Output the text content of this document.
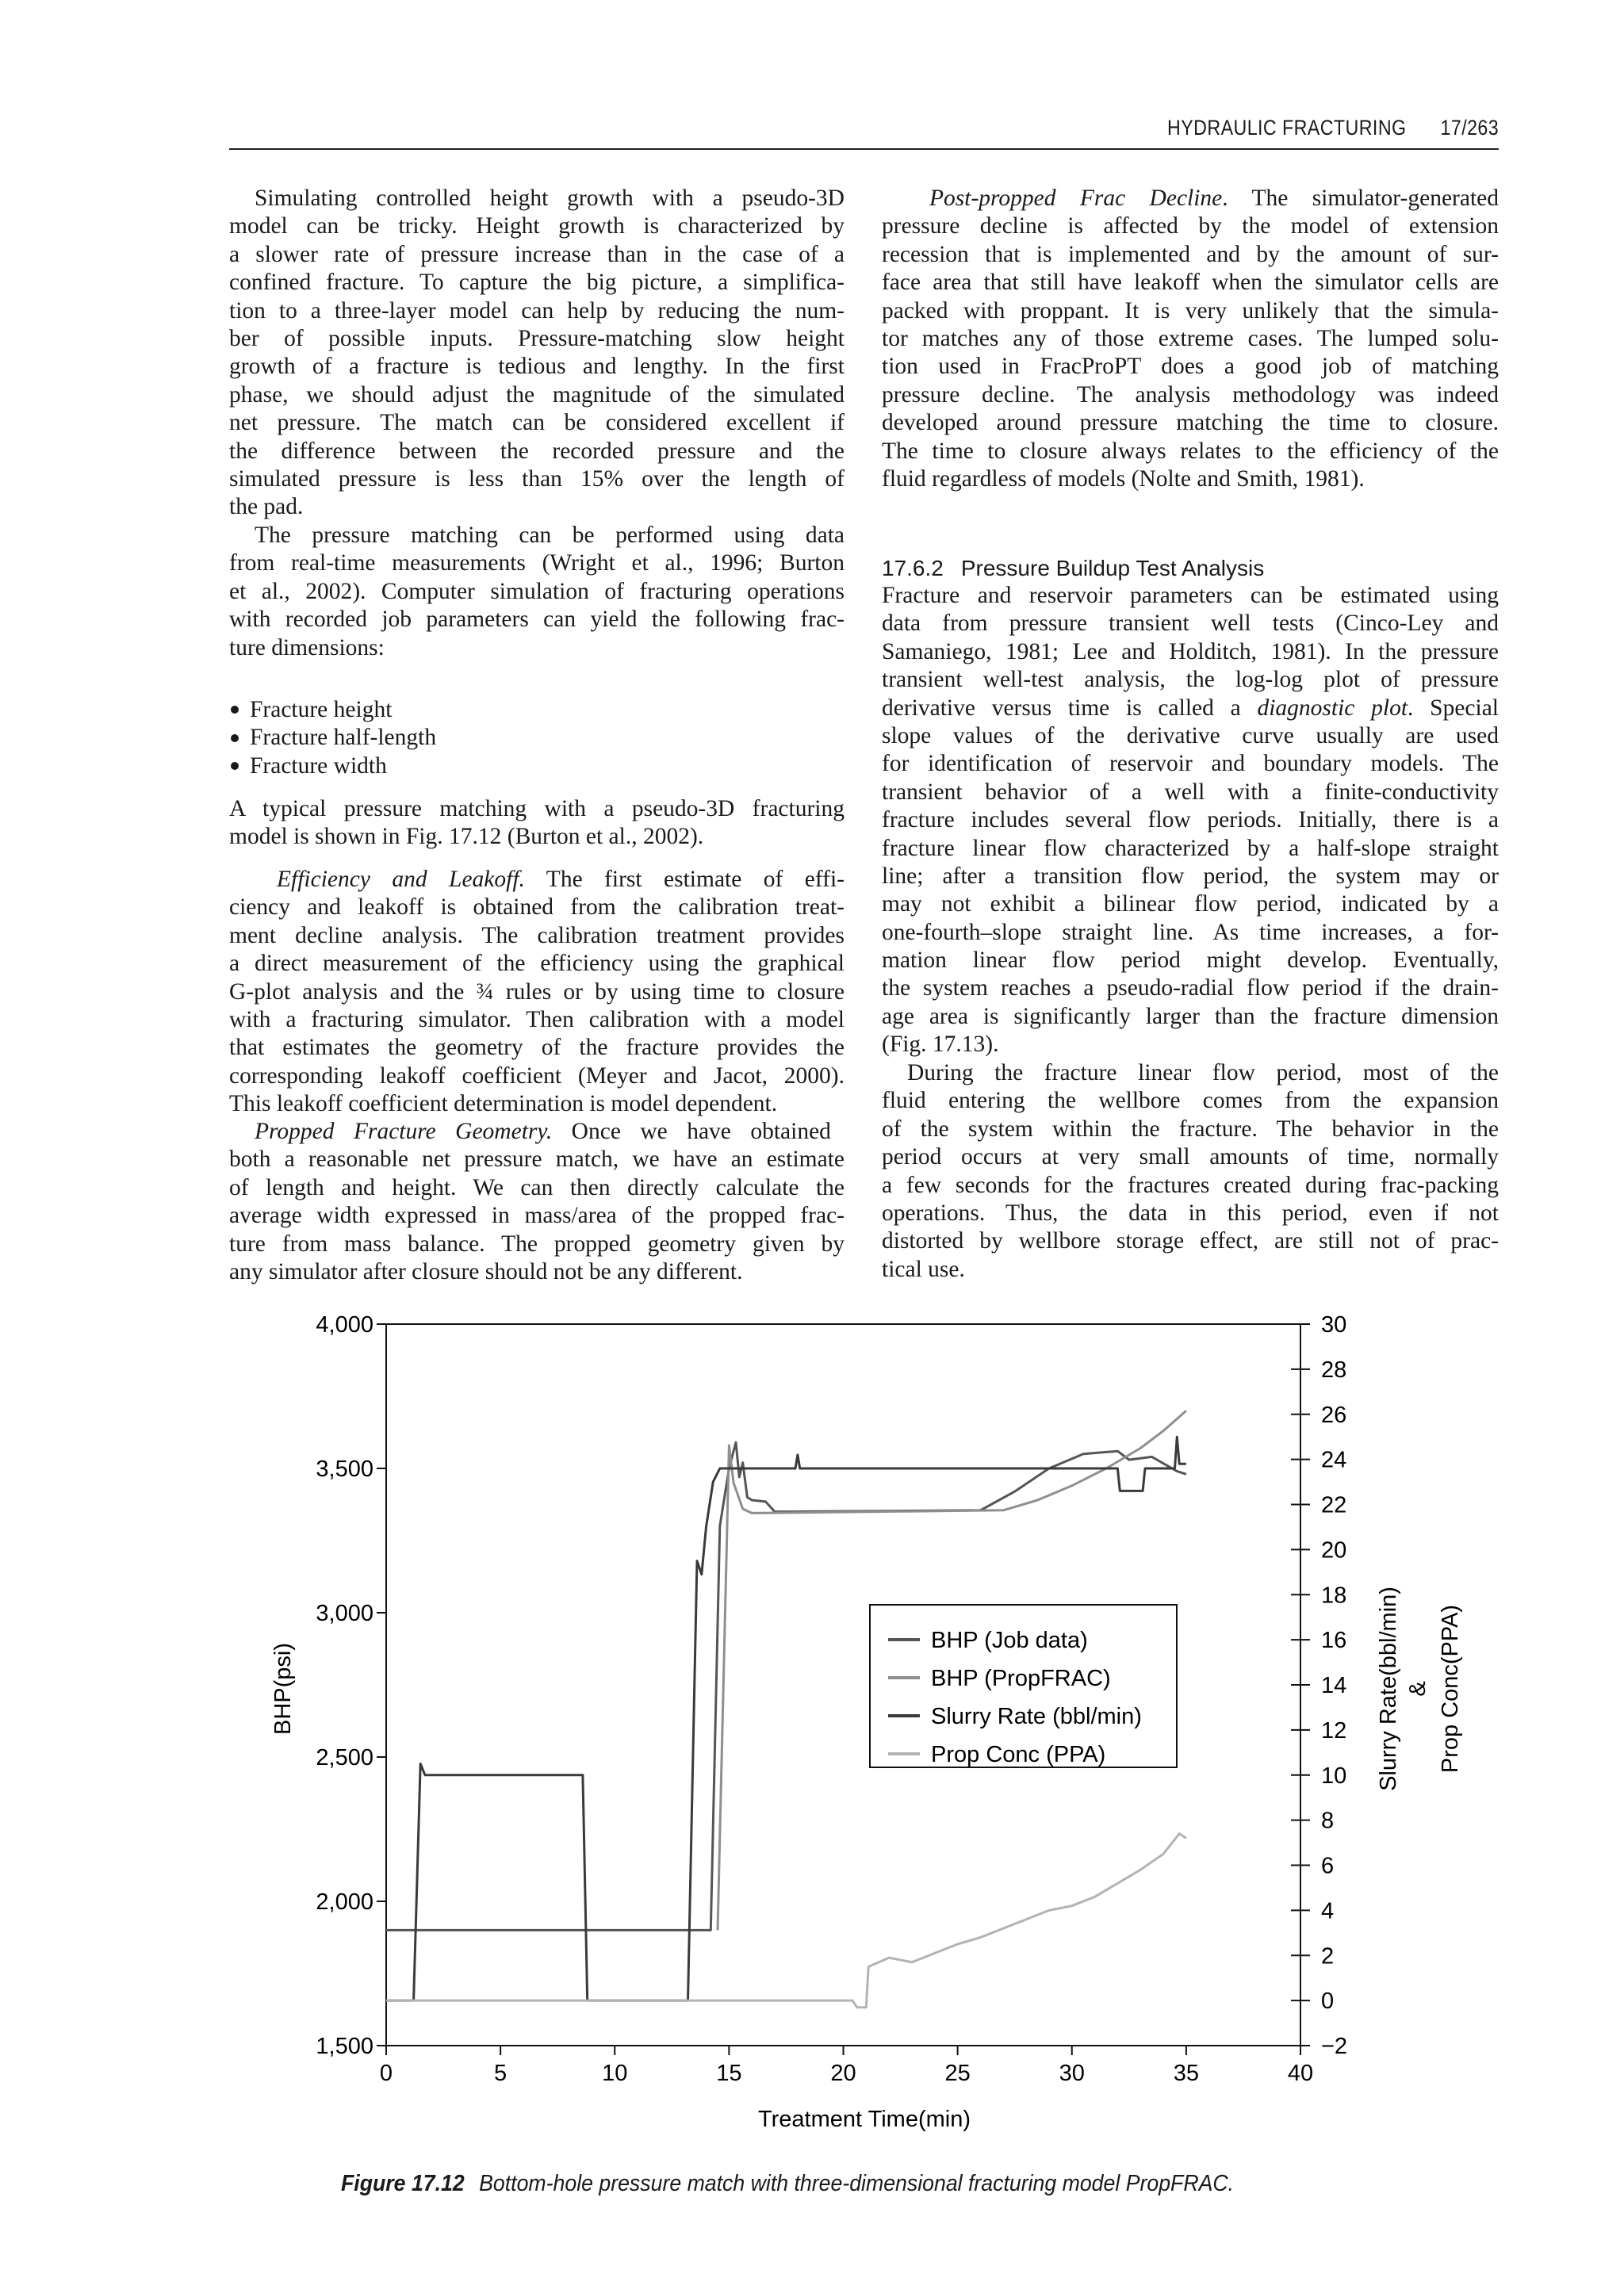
HYDRAULIC FRACTURING 17/263
Simulating controlled height growth with a pseudo-3D
model can be tricky. Height growth is characterized by
a slower rate of pressure increase than in the case of a
confined fracture. To capture the big picture, a simplifica-
tion to a three-layer model can help by reducing the num-
ber of possible inputs. Pressure-matching slow height
growth of a fracture is tedious and lengthy. In the first
phase, we should adjust the magnitude of the simulated
net pressure. The match can be considered excellent if
the difference between the recorded pressure and the
simulated pressure is less than 15% over the length of
the pad.
The pressure matching can be performed using data
from real-time measurements (Wright et al., 1996; Burton
et al., 2002). Computer simulation of fracturing operations
with recorded job parameters can yield the following frac-
ture dimensions:
Fracture height
Fracture half-length
Fracture width
A typical pressure matching with a pseudo-3D fracturing
model is shown in Fig. 17.12 (Burton et al., 2002).
Efficiency and Leakoff. The first estimate of effi-
ciency and leakoff is obtained from the calibration treat-
ment decline analysis. The calibration treatment provides
a direct measurement of the efficiency using the graphical
G-plot analysis and the ¾ rules or by using time to closure
with a fracturing simulator. Then calibration with a model
that estimates the geometry of the fracture provides the
corresponding leakoff coefficient (Meyer and Jacot, 2000).
This leakoff coefficient determination is model dependent.
Propped Fracture Geometry. Once we have obtained
both a reasonable net pressure match, we have an estimate
of length and height. We can then directly calculate the
average width expressed in mass/area of the propped frac-
ture from mass balance. The propped geometry given by
any simulator after closure should not be any different.
Post-propped Frac Decline. The simulator-generated
pressure decline is affected by the model of extension
recession that is implemented and by the amount of sur-
face area that still have leakoff when the simulator cells are
packed with proppant. It is very unlikely that the simula-
tor matches any of those extreme cases. The lumped solu-
tion used in FracProPT does a good job of matching
pressure decline. The analysis methodology was indeed
developed around pressure matching the time to closure.
The time to closure always relates to the efficiency of the
fluid regardless of models (Nolte and Smith, 1981).
17.6.2 Pressure Buildup Test Analysis
Fracture and reservoir parameters can be estimated using
data from pressure transient well tests (Cinco-Ley and
Samaniego, 1981; Lee and Holditch, 1981). In the pressure
transient well-test analysis, the log-log plot of pressure
derivative versus time is called a diagnostic plot. Special
slope values of the derivative curve usually are used
for identification of reservoir and boundary models. The
transient behavior of a well with a finite-conductivity
fracture includes several flow periods. Initially, there is a
fracture linear flow characterized by a half-slope straight
line; after a transition flow period, the system may or
may not exhibit a bilinear flow period, indicated by a
one-fourth–slope straight line. As time increases, a for-
mation linear flow period might develop. Eventually,
the system reaches a pseudo-radial flow period if the drain-
age area is significantly larger than the fracture dimension
(Fig. 17.13).
During the fracture linear flow period, most of the
fluid entering the wellbore comes from the expansion
of the system within the fracture. The behavior in the
period occurs at very small amounts of time, normally
a few seconds for the fractures created during frac-packing
operations. Thus, the data in this period, even if not
distorted by wellbore storage effect, are still not of prac-
tical use.
0	5	10	15	20	25	30	35	40
1,500
2,000
2,500
3,000
3,500
4,000
−2
0
2
4
6
8
10
12
14
16
18
20
22
24
26
28
30
Treatment Time(min)
BHP(psi)	Slurry Rate(bbl/min) & Prop Conc(PPA)
BHP (Job data)
BHP (PropFRAC)
Slurry Rate (bbl/min)
Prop Conc (PPA)
Figure 17.12 Bottom-hole pressure match with three-dimensional fracturing model PropFRAC.
